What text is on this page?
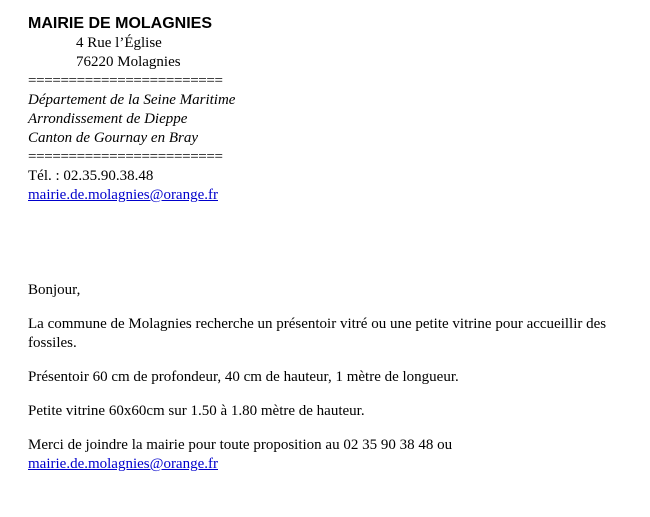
MAIRIE DE MOLAGNIES
4 Rue l’Église
76220 Molagnies
========================
Département de la Seine Maritime
Arrondissement de Dieppe
Canton de Gournay en Bray
========================
Tél. : 02.35.90.38.48
mairie.de.molagnies@orange.fr
Bonjour,
La commune de Molagnies recherche un présentoir vitré ou une petite vitrine pour accueillir des fossiles.
Présentoir 60 cm de profondeur, 40 cm de hauteur, 1 mètre de longueur.
Petite vitrine 60x60cm sur 1.50 à 1.80 mètre de hauteur.
Merci de joindre la mairie pour toute proposition au 02 35 90 38 48 ou
mairie.de.molagnies@orange.fr
